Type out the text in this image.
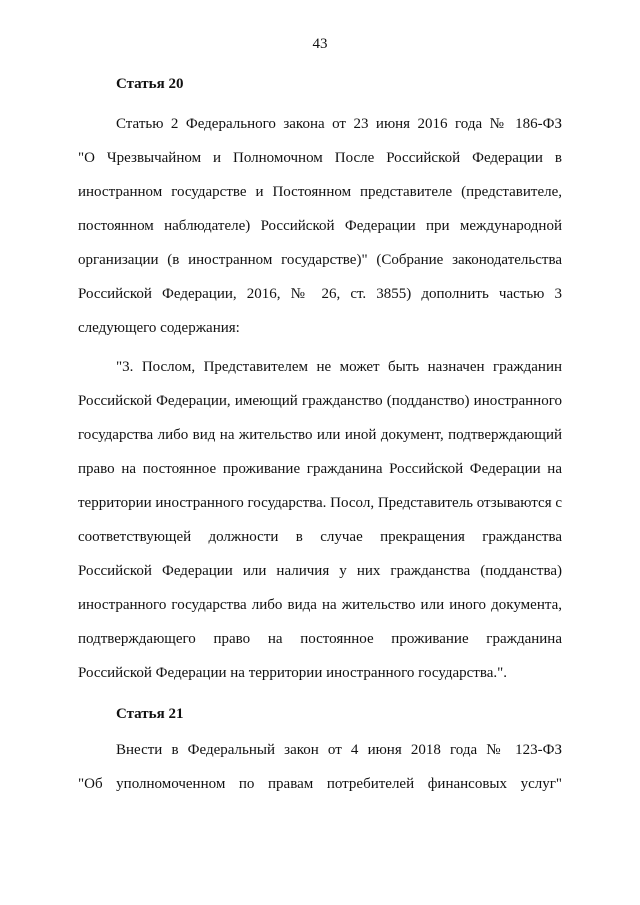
43
Статья 20
Статью 2 Федерального закона от 23 июня 2016 года № 186-ФЗ
"О Чрезвычайном и Полномочном После Российской Федерации в
иностранном государстве и Постоянном представителе (представителе,
постоянном наблюдателе) Российской Федерации при международной
организации (в иностранном государстве)" (Собрание законодательства
Российской Федерации, 2016, № 26, ст. 3855) дополнить частью 3
следующего содержания:
"3. Послом, Представителем не может быть назначен гражданин
Российской Федерации, имеющий гражданство (подданство) иностранного
государства либо вид на жительство или иной документ, подтверждающий
право на постоянное проживание гражданина Российской Федерации на
территории иностранного государства. Посол, Представитель отзываются с
соответствующей должности в случае прекращения гражданства
Российской Федерации или наличия у них гражданства (подданства)
иностранного государства либо вида на жительство или иного документа,
подтверждающего право на постоянное проживание гражданина
Российской Федерации на территории иностранного государства.".
Статья 21
Внести в Федеральный закон от 4 июня 2018 года № 123-ФЗ
"Об уполномоченном по правам потребителей финансовых услуг"
